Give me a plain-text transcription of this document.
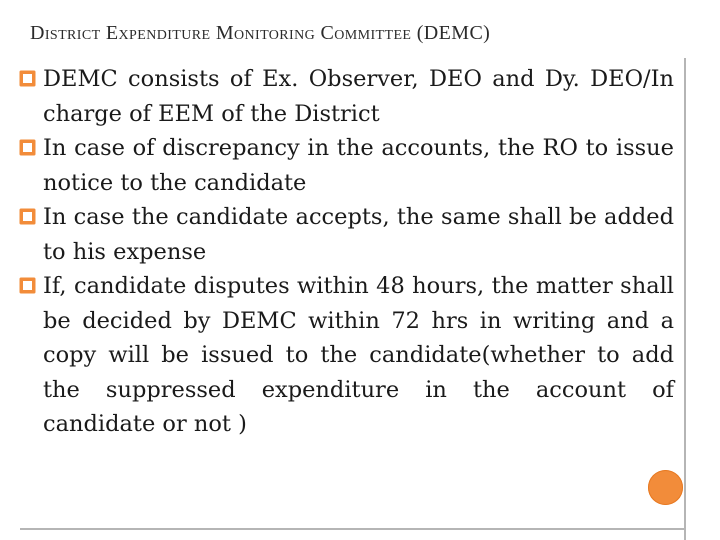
District Expenditure Monitoring Committee (DEMC)
DEMC consists of Ex. Observer, DEO and Dy. DEO/In charge of EEM of the District
In case of discrepancy in the accounts, the RO to issue notice to the candidate
In case the candidate accepts, the same shall be added to his expense
If, candidate disputes within 48 hours, the matter shall be decided by DEMC within 72 hrs in writing and a copy will be issued to the candidate(whether to add the suppressed expenditure in the account of candidate or not )
